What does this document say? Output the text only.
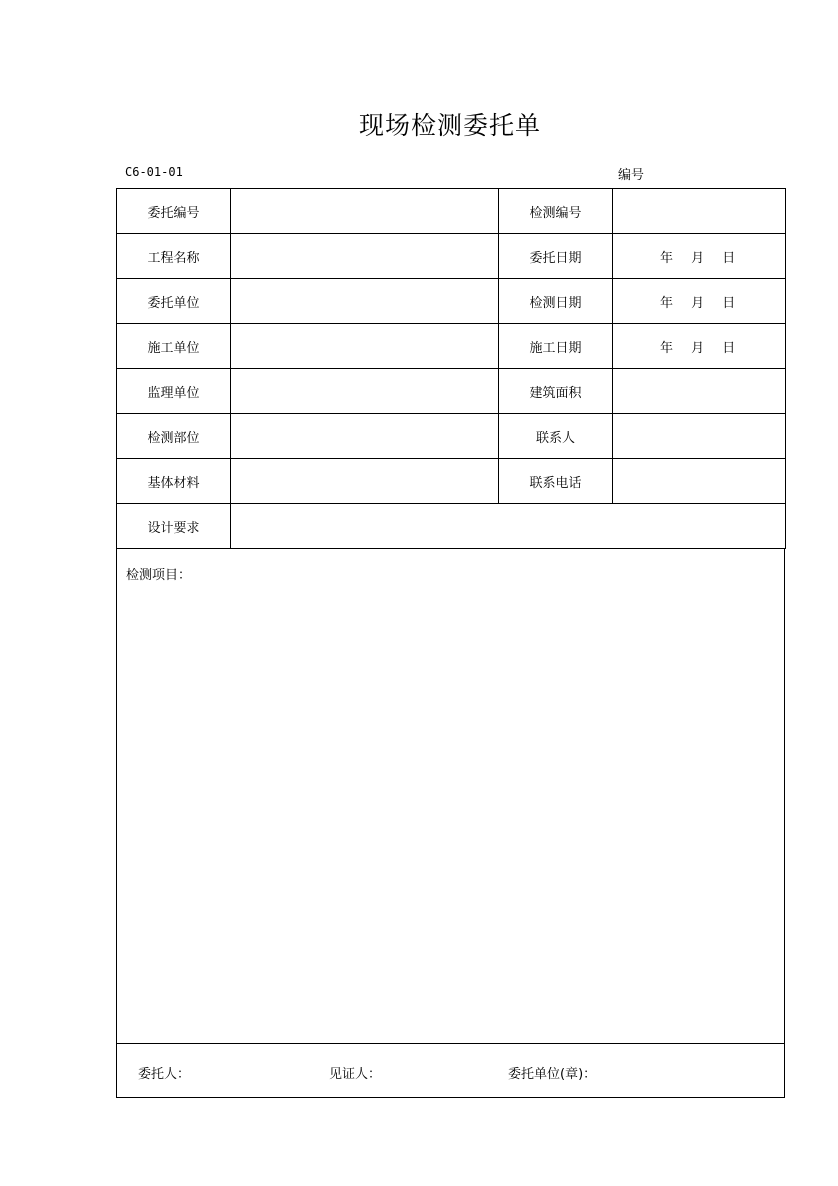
现场检测委托单
C6-01-01	编号
委托编号		检测编号	
工程名称		委托日期	年 月 日
委托单位		检测日期	年 月 日
施工单位		施工日期	年 月 日
监理单位		建筑面积	
检测部位		联系人	
基体材料		联系电话	
设计要求			
检测项目：
委托人：	见证人：	委托单位(章)：
